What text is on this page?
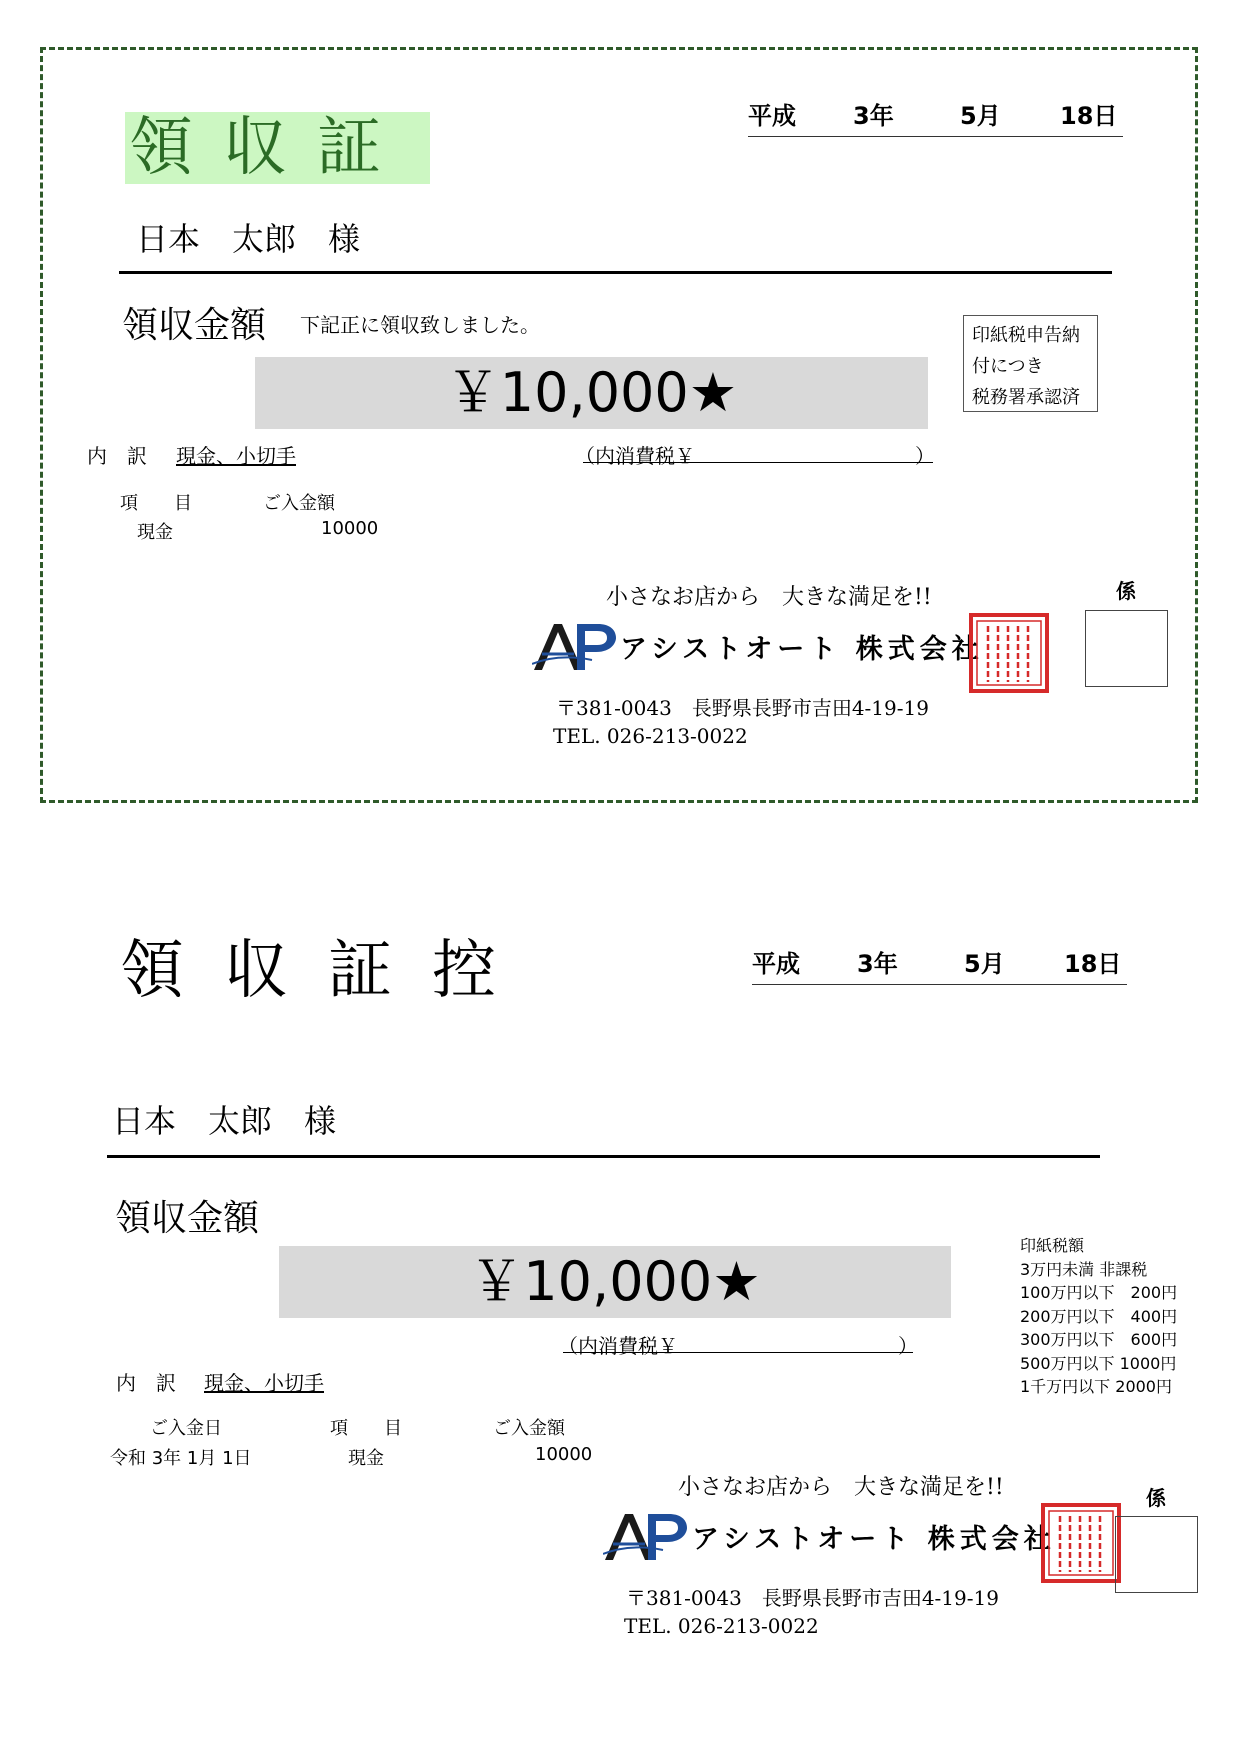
領収証	平成 3年	5月 18日
日本　太郎　様
領収金額 下記正に領収致しました。
￥10,000★
印紙税申告納
付につき
税務署承認済
内　訳 現金、小切手	（内消費税￥	）
項　　目	ご入金額
現金	10000
小さなお店から　大きな満足を!!
アシストオート 株式会社
係
〒381-0043　長野県長野市吉田4-19-19
TEL. 026-213-0022
領収証控	平成 3年	5月 18日
日本　太郎　様
領収金額
￥10,000★
（内消費税￥	）
印紙税額
3万円未満 非課税
100万円以下　200円
200万円以下　400円
300万円以下　600円
500万円以下 1000円
1千万円以下 2000円
内　訳 現金、小切手
ご入金日	項　　目	ご入金額
令和 3年 1月 1日	現金	10000
小さなお店から　大きな満足を!!
アシストオート 株式会社
係
〒381-0043　長野県長野市吉田4-19-19
TEL. 026-213-0022
